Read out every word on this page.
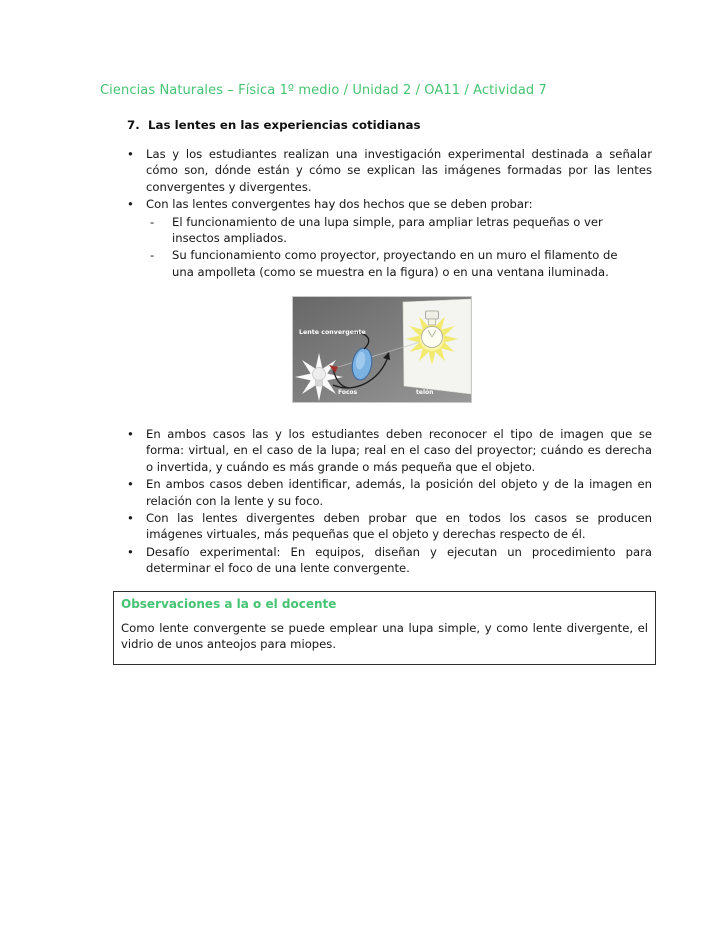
Ciencias Naturales – Física 1º medio / Unidad 2 / OA11 / Actividad 7
7. Las lentes en las experiencias cotidianas
•	Las y los estudiantes realizan una investigación experimental destinada a señalar cómo son, dónde están y cómo se explican las imágenes formadas por las lentes convergentes y divergentes.
•	Con las lentes convergentes hay dos hechos que se deben probar:
-	El funcionamiento de una lupa simple, para ampliar letras pequeñas o ver insectos ampliados.
-	Su funcionamiento como proyector, proyectando en un muro el filamento de una ampolleta (como se muestra en la figura) o en una ventana iluminada.
Lente convergente
Focos	telón
•	En ambos casos las y los estudiantes deben reconocer el tipo de imagen que se forma: virtual, en el caso de la lupa; real en el caso del proyector; cuándo es derecha o invertida, y cuándo es más grande o más pequeña que el objeto.
•	En ambos casos deben identificar, además, la posición del objeto y de la imagen en relación con la lente y su foco.
•	Con las lentes divergentes deben probar que en todos los casos se producen imágenes virtuales, más pequeñas que el objeto y derechas respecto de él.
•	Desafío experimental: En equipos, diseñan y ejecutan un procedimiento para determinar el foco de una lente convergente.
Observaciones a la o el docente
Como lente convergente se puede emplear una lupa simple, y como lente divergente, el vidrio de unos anteojos para miopes.
